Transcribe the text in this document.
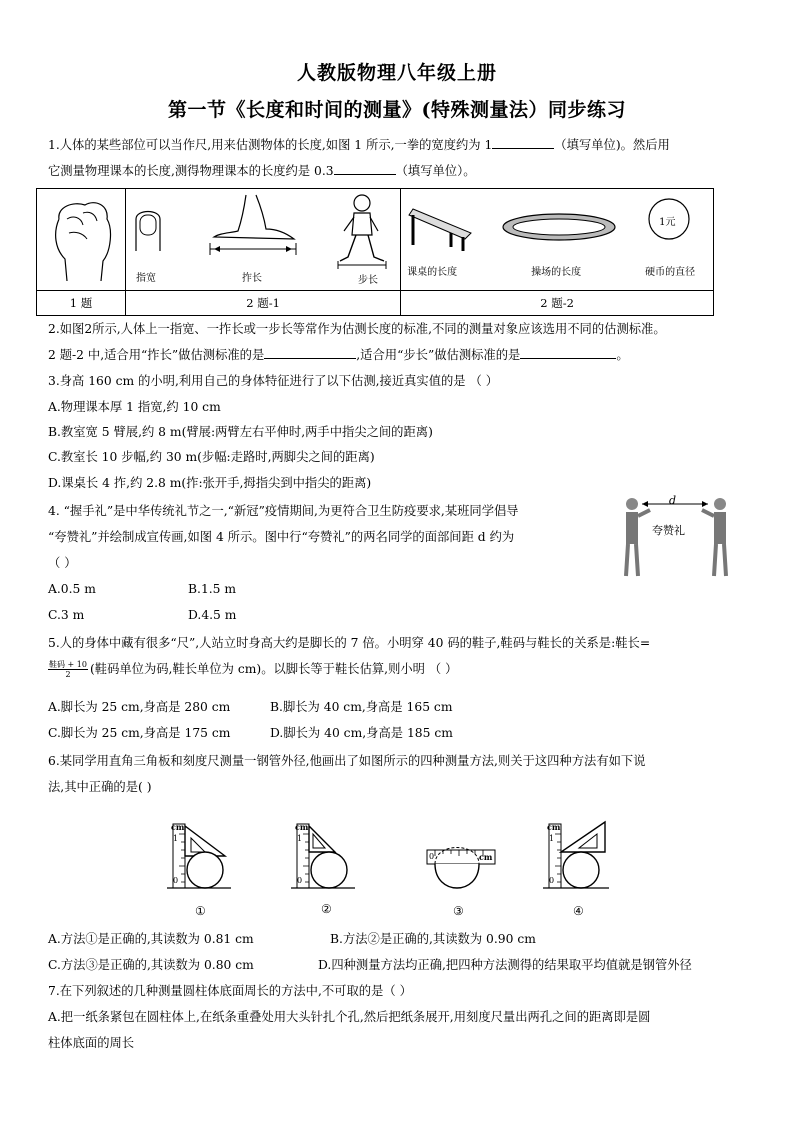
人教版物理八年级上册
第一节《长度和时间的测量》(特殊测量法）同步练习
1.人体的某些部位可以当作尺,用来估测物体的长度,如图 1 所示,一拳的宽度约为 1	（填写单位)。然后用
它测量物理课本的长度,测得物理课本的长度约是 0.3	（填写单位）。

指宽 拃长 步长	1元
课桌的长度 操场的长度 硬币的直径

1 题	2 题-1	2 题-2
2.如图2所示,人体上一指宽、一拃长或一步长等常作为估测长度的标准,不同的测量对象应该选用不同的估测标准。
2 题-2 中,适合用“拃长”做估测标准的是	,适合用“步长”做估测标准的是	。
3.身高 160 cm 的小明,利用自己的身体特征进行了以下估测,接近真实值的是 （ ）
A.物理课本厚 1 指宽,约 10 cm
B.教室宽 5 臂展,约 8 m(臂展:两臂左右平伸时,两手中指尖之间的距离)
C.教室长 10 步幅,约 30 m(步幅:走路时,两脚尖之间的距离)
D.课桌长 4 拃,约 2.8 m(拃:张开手,拇指尖到中指尖的距离)
4. “握手礼”是中华传统礼节之一,“新冠”疫情期间,为更符合卫生防疫要求,某班同学倡导
“夸赞礼”并绘制成宣传画,如图 4 所示。图中行“夸赞礼”的两名同学的面部间距 d 约为
（ ）
A.0.5 m	B.1.5 m
C.3 m	D.4.5 m
d
夸赞礼
5.人的身体中藏有很多“尺”,人站立时身高大约是脚长的 7 倍。小明穿 40 码的鞋子,鞋码与鞋长的关系是:鞋长=
$\frac{\text{鞋码 + 10}}{2}$ (鞋码单位为码,鞋长单位为 cm)。以脚长等于鞋长估算,则小明 （ ）
A.脚长为 25 cm,身高是 280 cm	B.脚长为 40 cm,身高是 165 cm
C.脚长为 25 cm,身高是 175 cm	D.脚长为 40 cm,身高是 185 cm
6.某同学用直角三角板和刻度尺测量一钢管外径,他画出了如图所示的四种测量方法,则关于这四种方法有如下说
法,其中正确的是( )
cm
1
0
cm
1
0
0	cm
cm
1
0
①	②	③	④
A.方法①是正确的,其读数为 0.81 cm	B.方法②是正确的,其读数为 0.90 cm
C.方法③是正确的,其读数为 0.80 cm	D.四种测量方法均正确,把四种方法测得的结果取平均值就是钢管外径
7.在下列叙述的几种测量圆柱体底面周长的方法中,不可取的是（ ）
A.把一纸条紧包在圆柱体上,在纸条重叠处用大头针扎个孔,然后把纸条展开,用刻度尺量出两孔之间的距离即是圆
柱体底面的周长
